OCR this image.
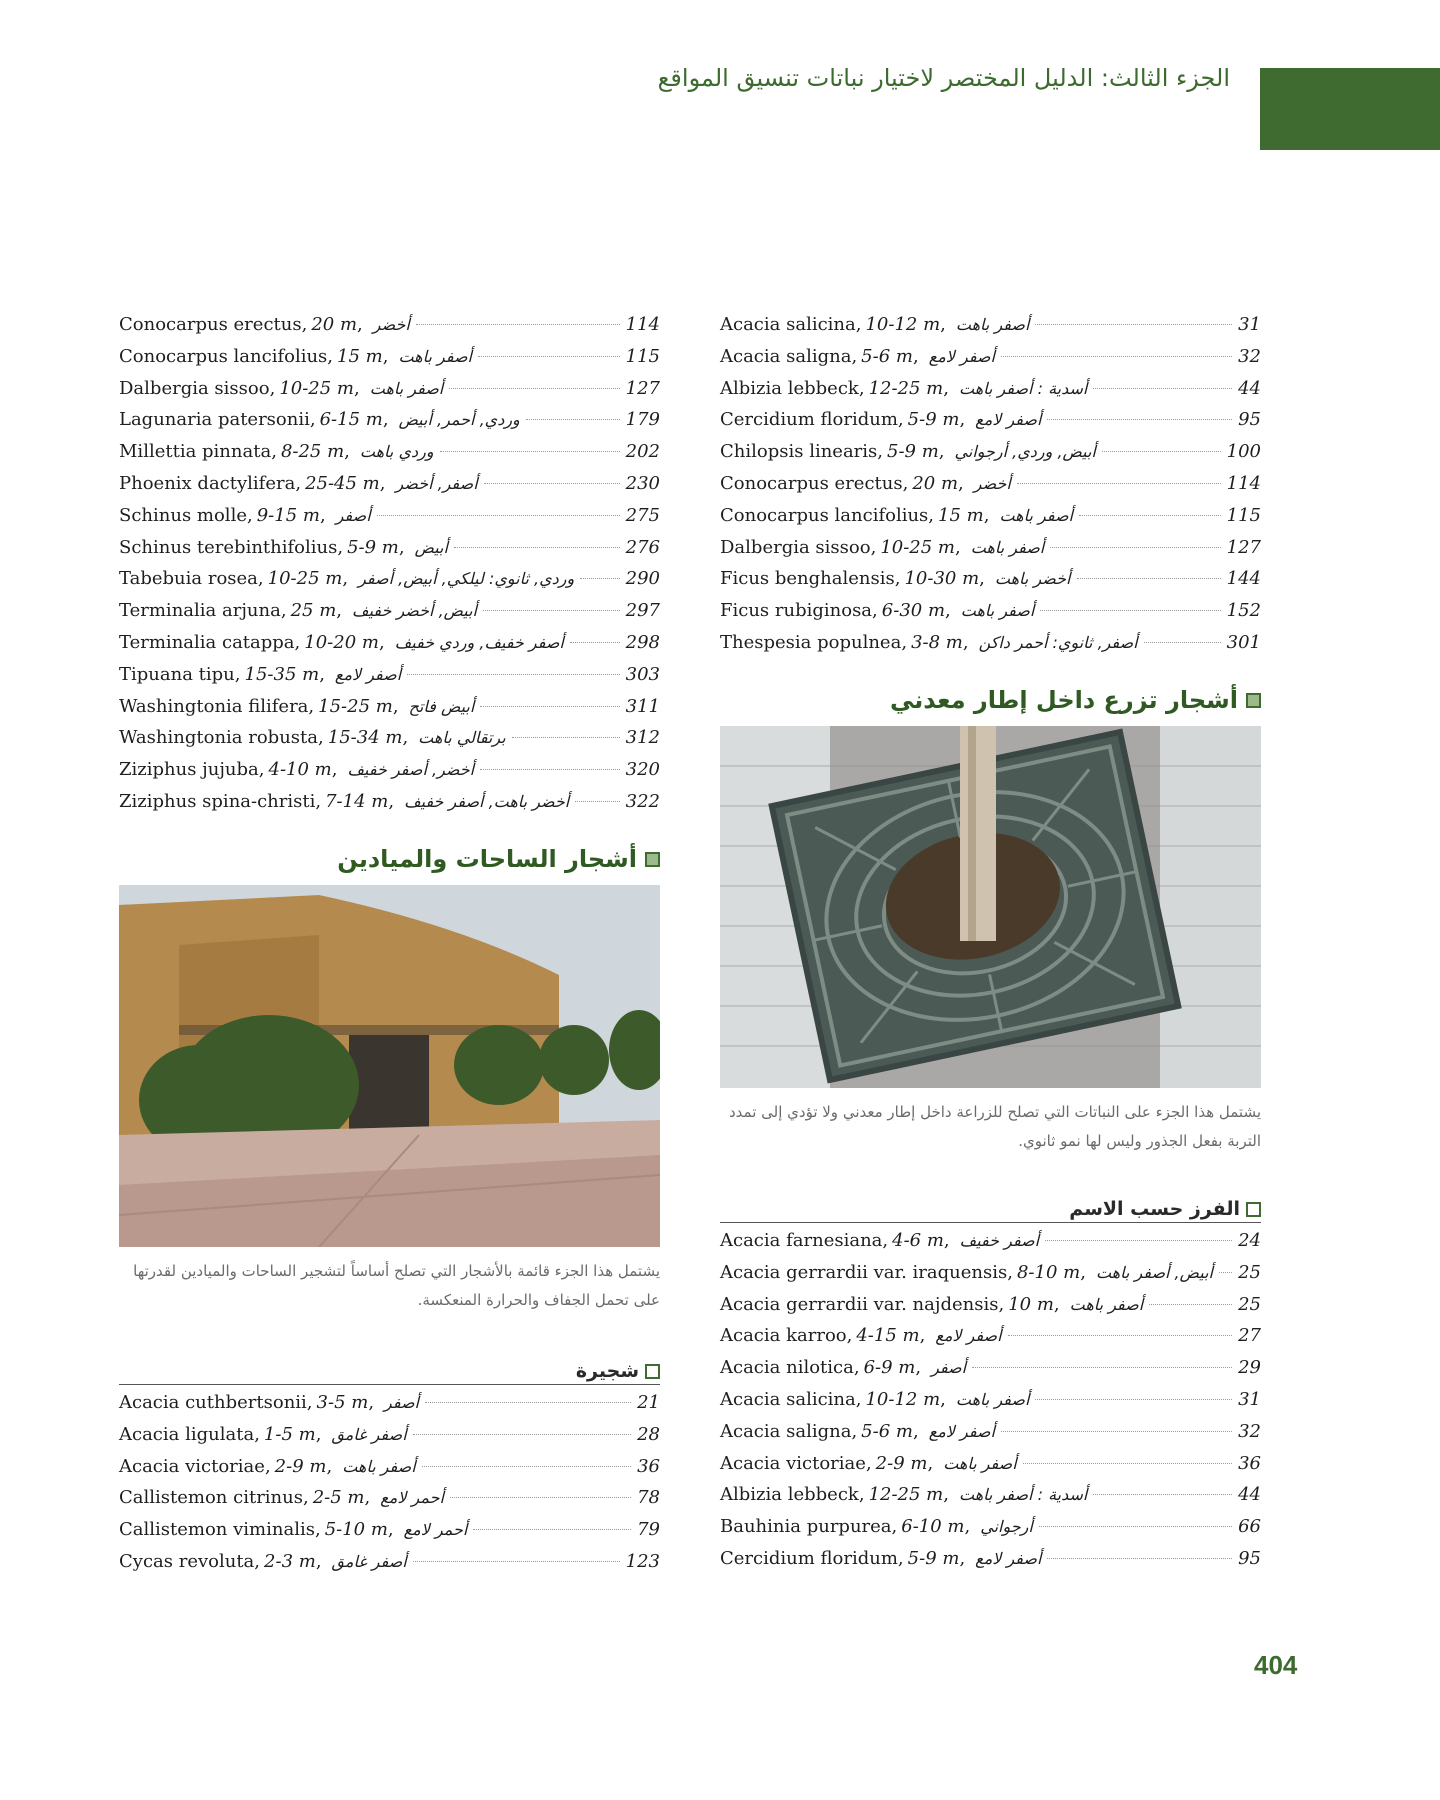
الجزء الثالث: الدليل المختصر لاختيار نباتات تنسيق المواقع
Acacia salicina , 10-12 m , أصفر باهت	31
Acacia saligna , 5-6 m , أصفر لامع	32
Albizia lebbeck , 12-25 m , أسدية : أصفر باهت	44
Cercidium floridum , 5-9 m , أصفر لامع	95
Chilopsis linearis , 5-9 m , أبيض, وردي, أرجواني	100
Conocarpus erectus , 20 m , أخضر	114
Conocarpus lancifolius , 15 m , أصفر باهت	115
Dalbergia sissoo , 10-25 m , أصفر باهت	127
Ficus benghalensis , 10-30 m , أخضر باهت	144
Ficus rubiginosa , 6-30 m , أصفر باهت	152
Thespesia populnea , 3-8 m , أصفر, ثانوي: أحمر داكن	301
أشجار تزرع داخل إطار معدني
يشتمل هذا الجزء على النباتات التي تصلح للزراعة داخل إطار معدني ولا تؤدي إلى تمدد التربة بفعل الجذور وليس لها نمو ثانوي.
الفرز حسب الاسم
Acacia farnesiana , 4-6 m , أصفر خفيف	24
Acacia gerrardii var. iraquensis , 8-10 m , أبيض, أصفر باهت 25
Acacia gerrardii var. najdensis , 10 m , أصفر باهت	25
Acacia karroo , 4-15 m , أصفر لامع	27
Acacia nilotica , 6-9 m , أصفر	29
Acacia salicina , 10-12 m , أصفر باهت	31
Acacia saligna , 5-6 m , أصفر لامع	32
Acacia victoriae , 2-9 m , أصفر باهت	36
Albizia lebbeck , 12-25 m , أسدية : أصفر باهت	44
Bauhinia purpurea , 6-10 m , أرجواني	66
Cercidium floridum , 5-9 m , أصفر لامع	95
Conocarpus erectus , 20 m , أخضر	114
Conocarpus lancifolius , 15 m , أصفر باهت	115
Dalbergia sissoo , 10-25 m , أصفر باهت	127
Lagunaria patersonii , 6-15 m , وردي, أحمر, أبيض	179
Millettia pinnata , 8-25 m , وردي باهت	202
Phoenix dactylifera , 25-45 m , أصفر, أخضر	230
Schinus molle , 9-15 m , أصفر	275
Schinus terebinthifolius , 5-9 m , أبيض	276
Tabebuia rosea , 10-25 m , وردي, ثانوي: ليلكي, أبيض, أصفر	290
Terminalia arjuna , 25 m , أبيض, أخضر خفيف	297
Terminalia catappa , 10-20 m , أصفر خفيف, وردي خفيف	298
Tipuana tipu , 15-35 m , أصفر لامع	303
Washingtonia filifera , 15-25 m , أبيض فاتح	311
Washingtonia robusta , 15-34 m , برتقالي باهت	312
Ziziphus jujuba , 4-10 m , أخضر, أصفر خفيف	320
Ziziphus spina-christi , 7-14 m , أخضر باهت, أصفر خفيف	322
أشجار الساحات والميادين
يشتمل هذا الجزء قائمة بالأشجار التي تصلح أساساً لتشجير الساحات والميادين لقدرتها على تحمل الجفاف والحرارة المنعكسة.
شجيرة
Acacia cuthbertsonii , 3-5 m , أصفر	21
Acacia ligulata , 1-5 m , أصفر غامق	28
Acacia victoriae , 2-9 m , أصفر باهت	36
Callistemon citrinus , 2-5 m , أحمر لامع	78
Callistemon viminalis , 5-10 m , أحمر لامع	79
Cycas revoluta , 2-3 m , أصفر غامق	123
404
